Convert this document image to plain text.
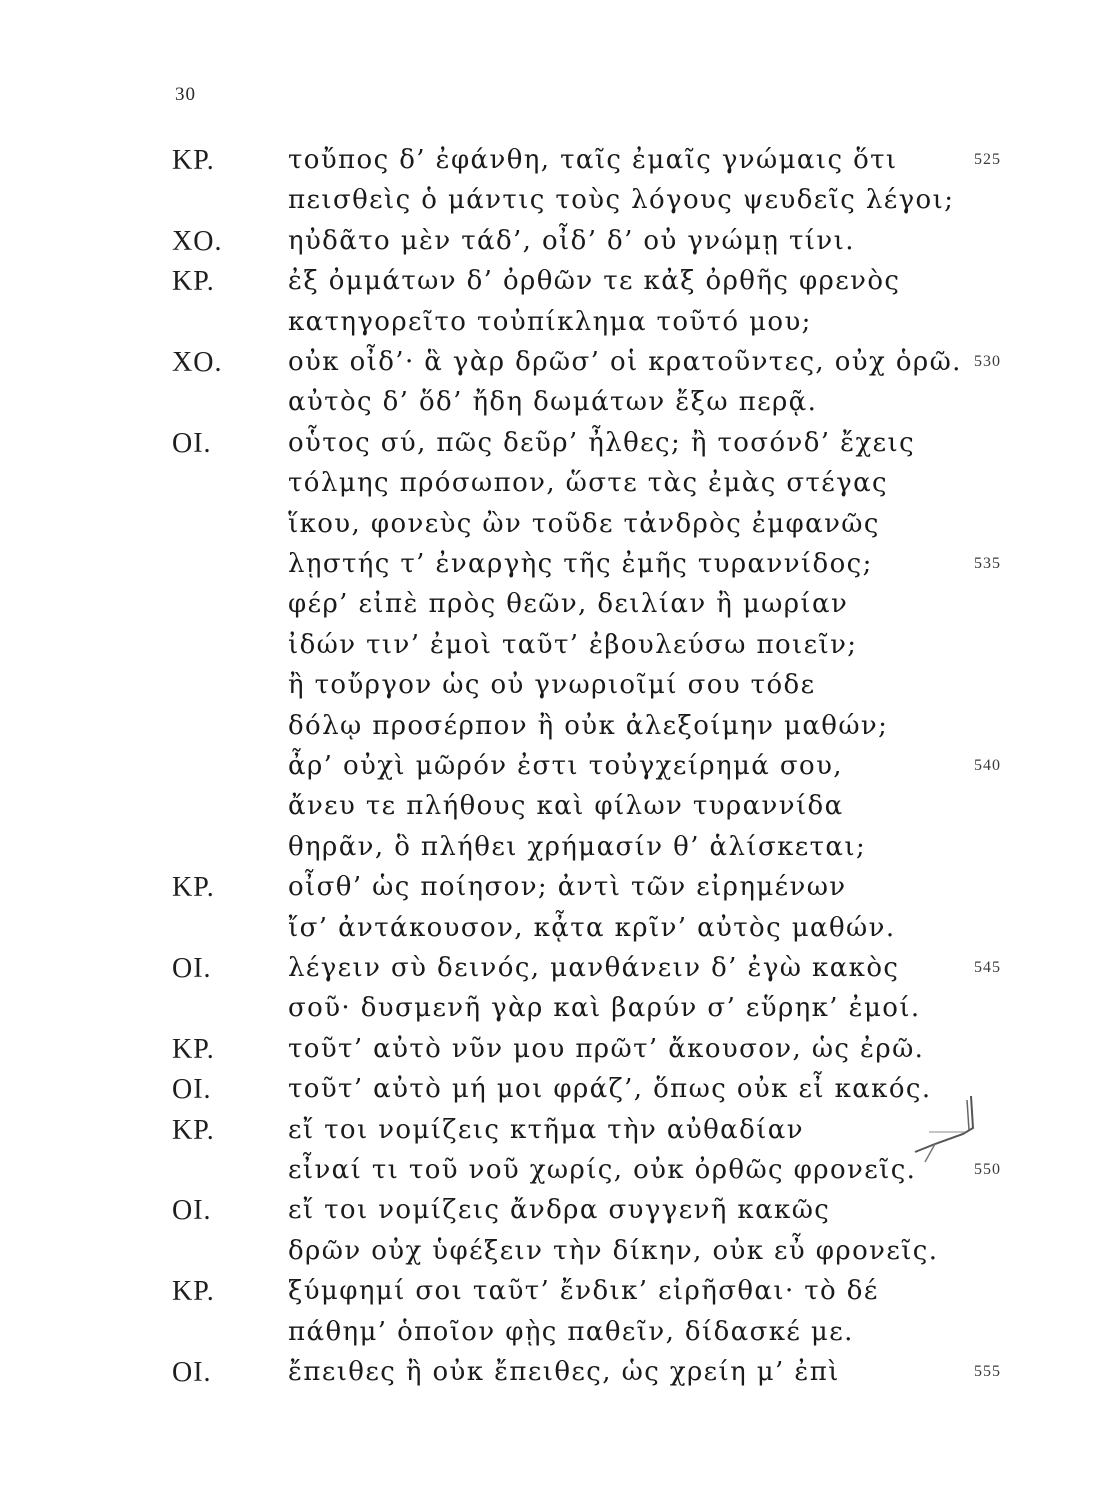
30
ΚΡ.	τοὔπος δ’ ἐφάνθη, ταῖς ἐμαῖς γνώμαις ὅτι	525
πεισθεὶς ὁ μάντις τοὺς λόγους ψευδεῖς λέγοι;
ΧΟ.	ηὐδᾶτο μὲν τάδ’, οἶδ’ δ’ οὐ γνώμῃ τίνι.
ΚΡ.	ἐξ ὀμμάτων δ’ ὀρθῶν τε κἀξ ὀρθῆς φρενὸς
κατηγορεῖτο τοὐπίκλημα τοῦτό μου;
ΧΟ.	οὐκ οἶδ’· ἃ γὰρ δρῶσ’ οἱ κρατοῦντες, οὐχ ὁρῶ. 530
αὐτὸς δ’ ὅδ’ ἤδη δωμάτων ἔξω περᾷ.
ΟΙ.	οὗτος σύ, πῶς δεῦρ’ ἦλθες; ἢ τοσόνδ’ ἔχεις
τόλμης πρόσωπον, ὥστε τὰς ἐμὰς στέγας
ἵκου, φονεὺς ὢν τοῦδε τἀνδρὸς ἐμφανῶς
λῃστής τ’ ἐναργὴς τῆς ἐμῆς τυραννίδος;	535
φέρ’ εἰπὲ πρὸς θεῶν, δειλίαν ἢ μωρίαν
ἰδών τιν’ ἐμοὶ ταῦτ’ ἐβουλεύσω ποιεῖν;
ἢ τοὔργον ὡς οὐ γνωριοῖμί σου τόδε
δόλῳ προσέρπον ἢ οὐκ ἀλεξοίμην μαθών;
ἆρ’ οὐχὶ μῶρόν ἐστι τοὐγχείρημά σου,	540
ἄνευ τε πλήθους καὶ φίλων τυραννίδα
θηρᾶν, ὃ πλήθει χρήμασίν θ’ ἁλίσκεται;
ΚΡ.	οἶσθ’ ὡς ποίησον; ἀντὶ τῶν εἰρημένων
ἴσ’ ἀντάκουσον, κᾆτα κρῖν’ αὐτὸς μαθών.
ΟΙ.	λέγειν σὺ δεινός, μανθάνειν δ’ ἐγὼ κακὸς	545
σοῦ· δυσμενῆ γὰρ καὶ βαρύν σ’ εὕρηκ’ ἐμοί.
ΚΡ.	τοῦτ’ αὐτὸ νῦν μου πρῶτ’ ἄκουσον, ὡς ἐρῶ.
ΟΙ.	τοῦτ’ αὐτὸ μή μοι φράζ’, ὅπως οὐκ εἶ κακός.
ΚΡ.	εἴ τοι νομίζεις κτῆμα τὴν αὐθαδίαν
εἶναί τι τοῦ νοῦ χωρίς, οὐκ ὀρθῶς φρονεῖς.	550
ΟΙ.	εἴ τοι νομίζεις ἄνδρα συγγενῆ κακῶς
δρῶν οὐχ ὑφέξειν τὴν δίκην, οὐκ εὖ φρονεῖς.
ΚΡ.	ξύμφημί σοι ταῦτ’ ἔνδικ’ εἰρῆσθαι· τὸ δέ
πάθημ’ ὁποῖον φῂς παθεῖν, δίδασκέ με.
ΟΙ.	ἔπειθες ἢ οὐκ ἔπειθες, ὡς χρείη μ’ ἐπὶ	555
